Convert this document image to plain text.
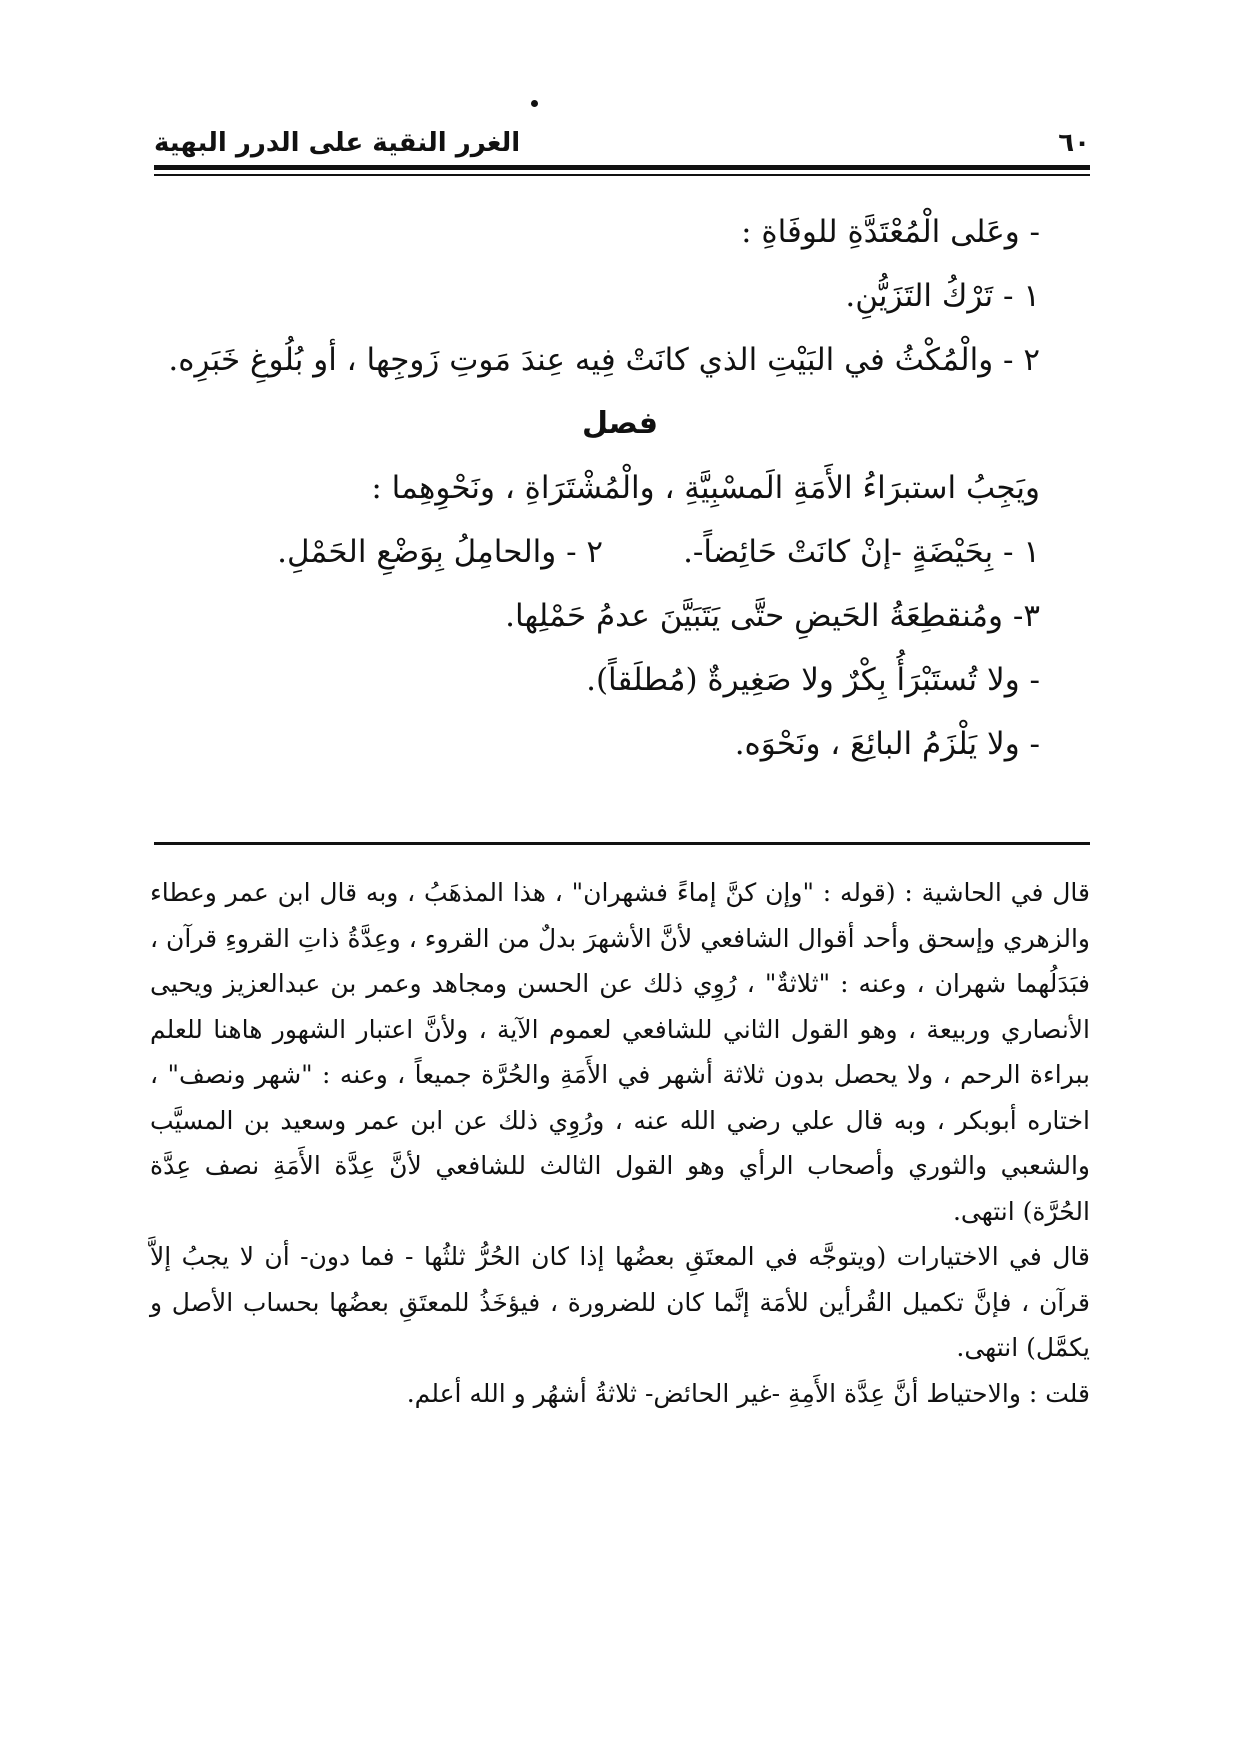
٦٠
الغرر النقية على الدرر البهية
- وعَلى الْمُعْتَدَّةِ للوفَاةِ :
١ - تَرْكُ التَزَيُّنِ.
٢ - والْمُكْثُ في البَيْتِ الذي كانَتْ فِيه عِندَ مَوتِ زَوجِها ، أو بُلُوغِ خَبَرِه.
فصل
ويَجِبُ استبرَاءُ الأَمَةِ الَمسْبِيَّةِ ، والْمُشْتَرَاةِ ، ونَحْوِهِما :
١ - بِحَيْضَةٍ -إنْ كانَتْ حَائِضاً-.
٢ - والحامِلُ بِوَضْعِ الحَمْلِ.
٣- ومُنقطِعَةُ الحَيضِ حتَّى يَتَبَيَّنَ عدمُ حَمْلِها.
- ولا تُستَبْرَأُ بِكْرٌ ولا صَغِيرةٌ (مُطلَقاً).
- ولا يَلْزَمُ البائِعَ ، ونَحْوَه.

قال في الحاشية : (قوله : "وإن كنَّ إماءً فشهران" ، هذا المذهَبُ ، وبه قال ابن عمر وعطاء والزهري وإسحق وأحد أقوال الشافعي لأنَّ الأشهرَ بدلٌ من القروء ، وعِدَّةُ ذاتِ القروءِ قرآن ، فبَدَلُهما شهران ، وعنه : "ثلاثةٌ" ، رُوِي ذلك عن الحسن ومجاهد وعمر بن عبدالعزيز ويحيى الأنصاري وربيعة ، وهو القول الثاني للشافعي لعموم الآية ، ولأنَّ اعتبار الشهور هاهنا للعلم ببراءة الرحم ، ولا يحصل بدون ثلاثة أشهر في الأَمَةِ والحُرَّة جميعاً ، وعنه : "شهر ونصف" ، اختاره أبوبكر ، وبه قال علي رضي الله عنه ، ورُوِي ذلك عن ابن عمر وسعيد بن المسيَّب والشعبي والثوري وأصحاب الرأي وهو القول الثالث للشافعي لأنَّ عِدَّة الأَمَةِ نصف عِدَّة الحُرَّة) انتهى.

قال في الاختيارات (ويتوجَّه في المعتَقِ بعضُها إذا كان الحُرُّ ثلثُها - فما دون- أن لا يجبُ إلاَّ قرآن ، فإنَّ تكميل القُرأين للأمَة إنَّما كان للضرورة ، فيؤخَذُ للمعتَقِ بعضُها بحساب الأصل و يكمَّل) انتهى.

قلت : والاحتياط أنَّ عِدَّة الأَمِةِ -غير الحائض- ثلاثةُ أشهُر و الله أعلم.
